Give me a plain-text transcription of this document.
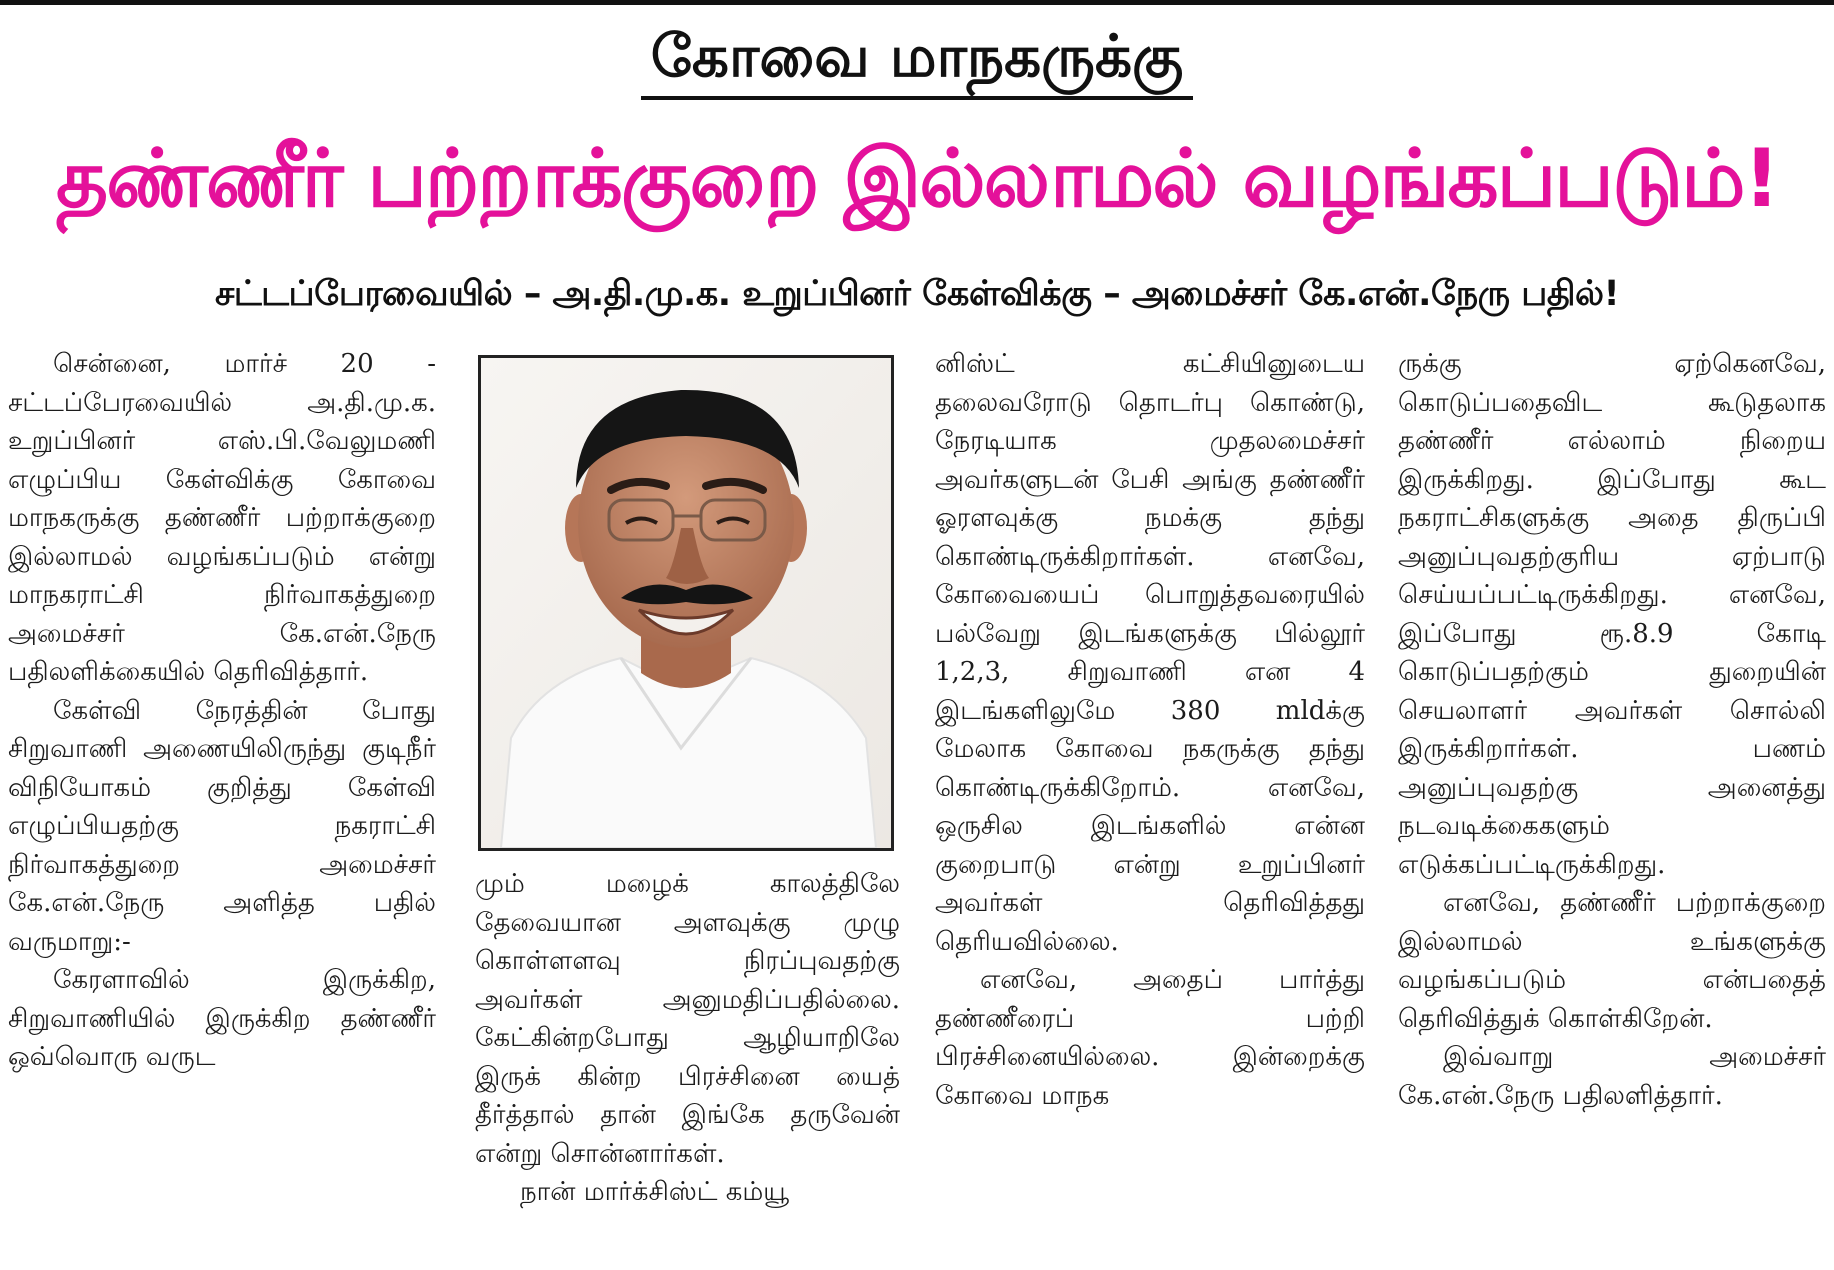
கோவை மாநகருக்கு
தண்ணீர் பற்றாக்குறை இல்லாமல் வழங்கப்படும்!
சட்டப்பேரவையில் – அ.தி.மு.க. உறுப்பினர் கேள்விக்கு – அமைச்சர் கே.என்.நேரு பதில்!

சென்னை, மார்ச் 20 - சட்டப்பேரவையில் அ.தி.மு.க. உறுப்பினர் எஸ்.பி.வேலுமணி எழுப்பிய கேள்விக்கு கோவை மாநகருக்கு தண்ணீர் பற்றாக்குறை இல்லாமல் வழங்கப்படும் என்று மாநகராட்சி நிர்வாகத்துறை அமைச்சர் கே.என்.நேரு பதிலளிக்கையில் தெரிவித்தார்.

கேள்வி நேரத்தின் போது சிறுவாணி அணையிலிருந்து குடிநீர் விநியோகம் குறித்து கேள்வி எழுப்பியதற்கு நகராட்சி நிர்வாகத்துறை அமைச்சர் கே.என்.நேரு அளித்த பதில் வருமாறு:-

கேரளாவில் இருக்கிற, சிறுவாணியில் இருக்கிற தண்ணீர் ஒவ்வொரு வருட

மும் மழைக் காலத்திலே தேவையான அளவுக்கு முழு கொள்ளளவு நிரப்புவதற்கு அவர்கள் அனுமதிப்பதில்லை. கேட்கின்றபோது ஆழியாறிலே இருக் கின்ற பிரச்சினை யைத் தீர்த்தால் தான் இங்கே தருவேன் என்று சொன்னார்கள்.

நான் மார்க்சிஸ்ட் கம்யூ

னிஸ்ட் கட்சியினுடைய தலைவரோடு தொடர்பு கொண்டு, நேரடியாக முதலமைச்சர் அவர்களுடன் பேசி அங்கு தண்ணீர் ஓரளவுக்கு நமக்கு தந்து கொண்டிருக்கிறார்கள். எனவே, கோவையைப் பொறுத்தவரையில் பல்வேறு இடங்களுக்கு பில்லூர் 1,2,3, சிறுவாணி என 4 இடங்களிலுமே 380 mldக்கு மேலாக கோவை நகருக்கு தந்து கொண்டிருக்கிறோம். எனவே, ஒருசில இடங்களில் என்ன குறைபாடு என்று உறுப்பினர் அவர்கள் தெரிவித்தது தெரியவில்லை.

எனவே, அதைப் பார்த்து தண்ணீரைப் பற்றி பிரச்சினையில்லை. இன்றைக்கு கோவை மாநக

ருக்கு ஏற்கெனவே, கொடுப்பதைவிட கூடுதலாக தண்ணீர் எல்லாம் நிறைய இருக்கிறது. இப்போது கூட நகராட்சிகளுக்கு அதை திருப்பி அனுப்புவதற்குரிய ஏற்பாடு செய்யப்பட்டிருக்கிறது. எனவே, இப்போது ரூ.8.9 கோடி கொடுப்பதற்கும் துறையின் செயலாளர் அவர்கள் சொல்லி இருக்கிறார்கள். பணம் அனுப்புவதற்கு அனைத்து நடவடிக்கைகளும் எடுக்கப்பட்டிருக்கிறது.

எனவே, தண்ணீர் பற்றாக்குறை இல்லாமல் உங்களுக்கு வழங்கப்படும் என்பதைத் தெரிவித்துக் கொள்கிறேன்.

இவ்வாறு அமைச்சர் கே.என்.நேரு பதிலளித்தார்.
